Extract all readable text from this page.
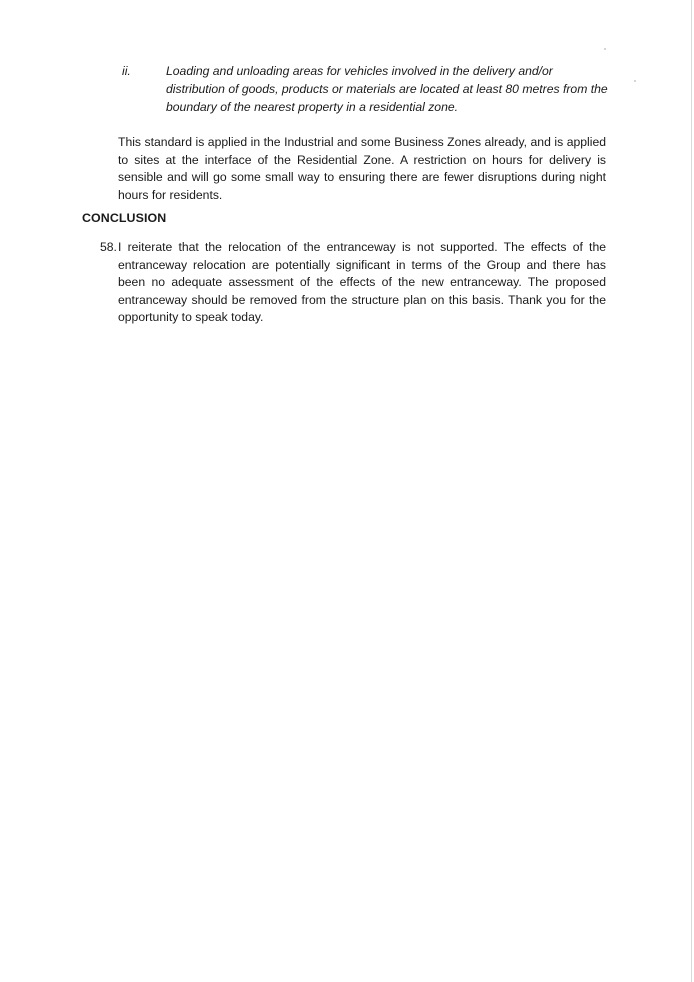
ii.	Loading and unloading areas for vehicles involved in the delivery and/or distribution of goods, products or materials are located at least 80 metres from the boundary of the nearest property in a residential zone.
This standard is applied in the Industrial and some Business Zones already, and is applied to sites at the interface of the Residential Zone. A restriction on hours for delivery is sensible and will go some small way to ensuring there are fewer disruptions during night hours for residents.
CONCLUSION
58. I reiterate that the relocation of the entranceway is not supported. The effects of the entranceway relocation are potentially significant in terms of the Group and there has been no adequate assessment of the effects of the new entranceway. The proposed entranceway should be removed from the structure plan on this basis. Thank you for the opportunity to speak today.
